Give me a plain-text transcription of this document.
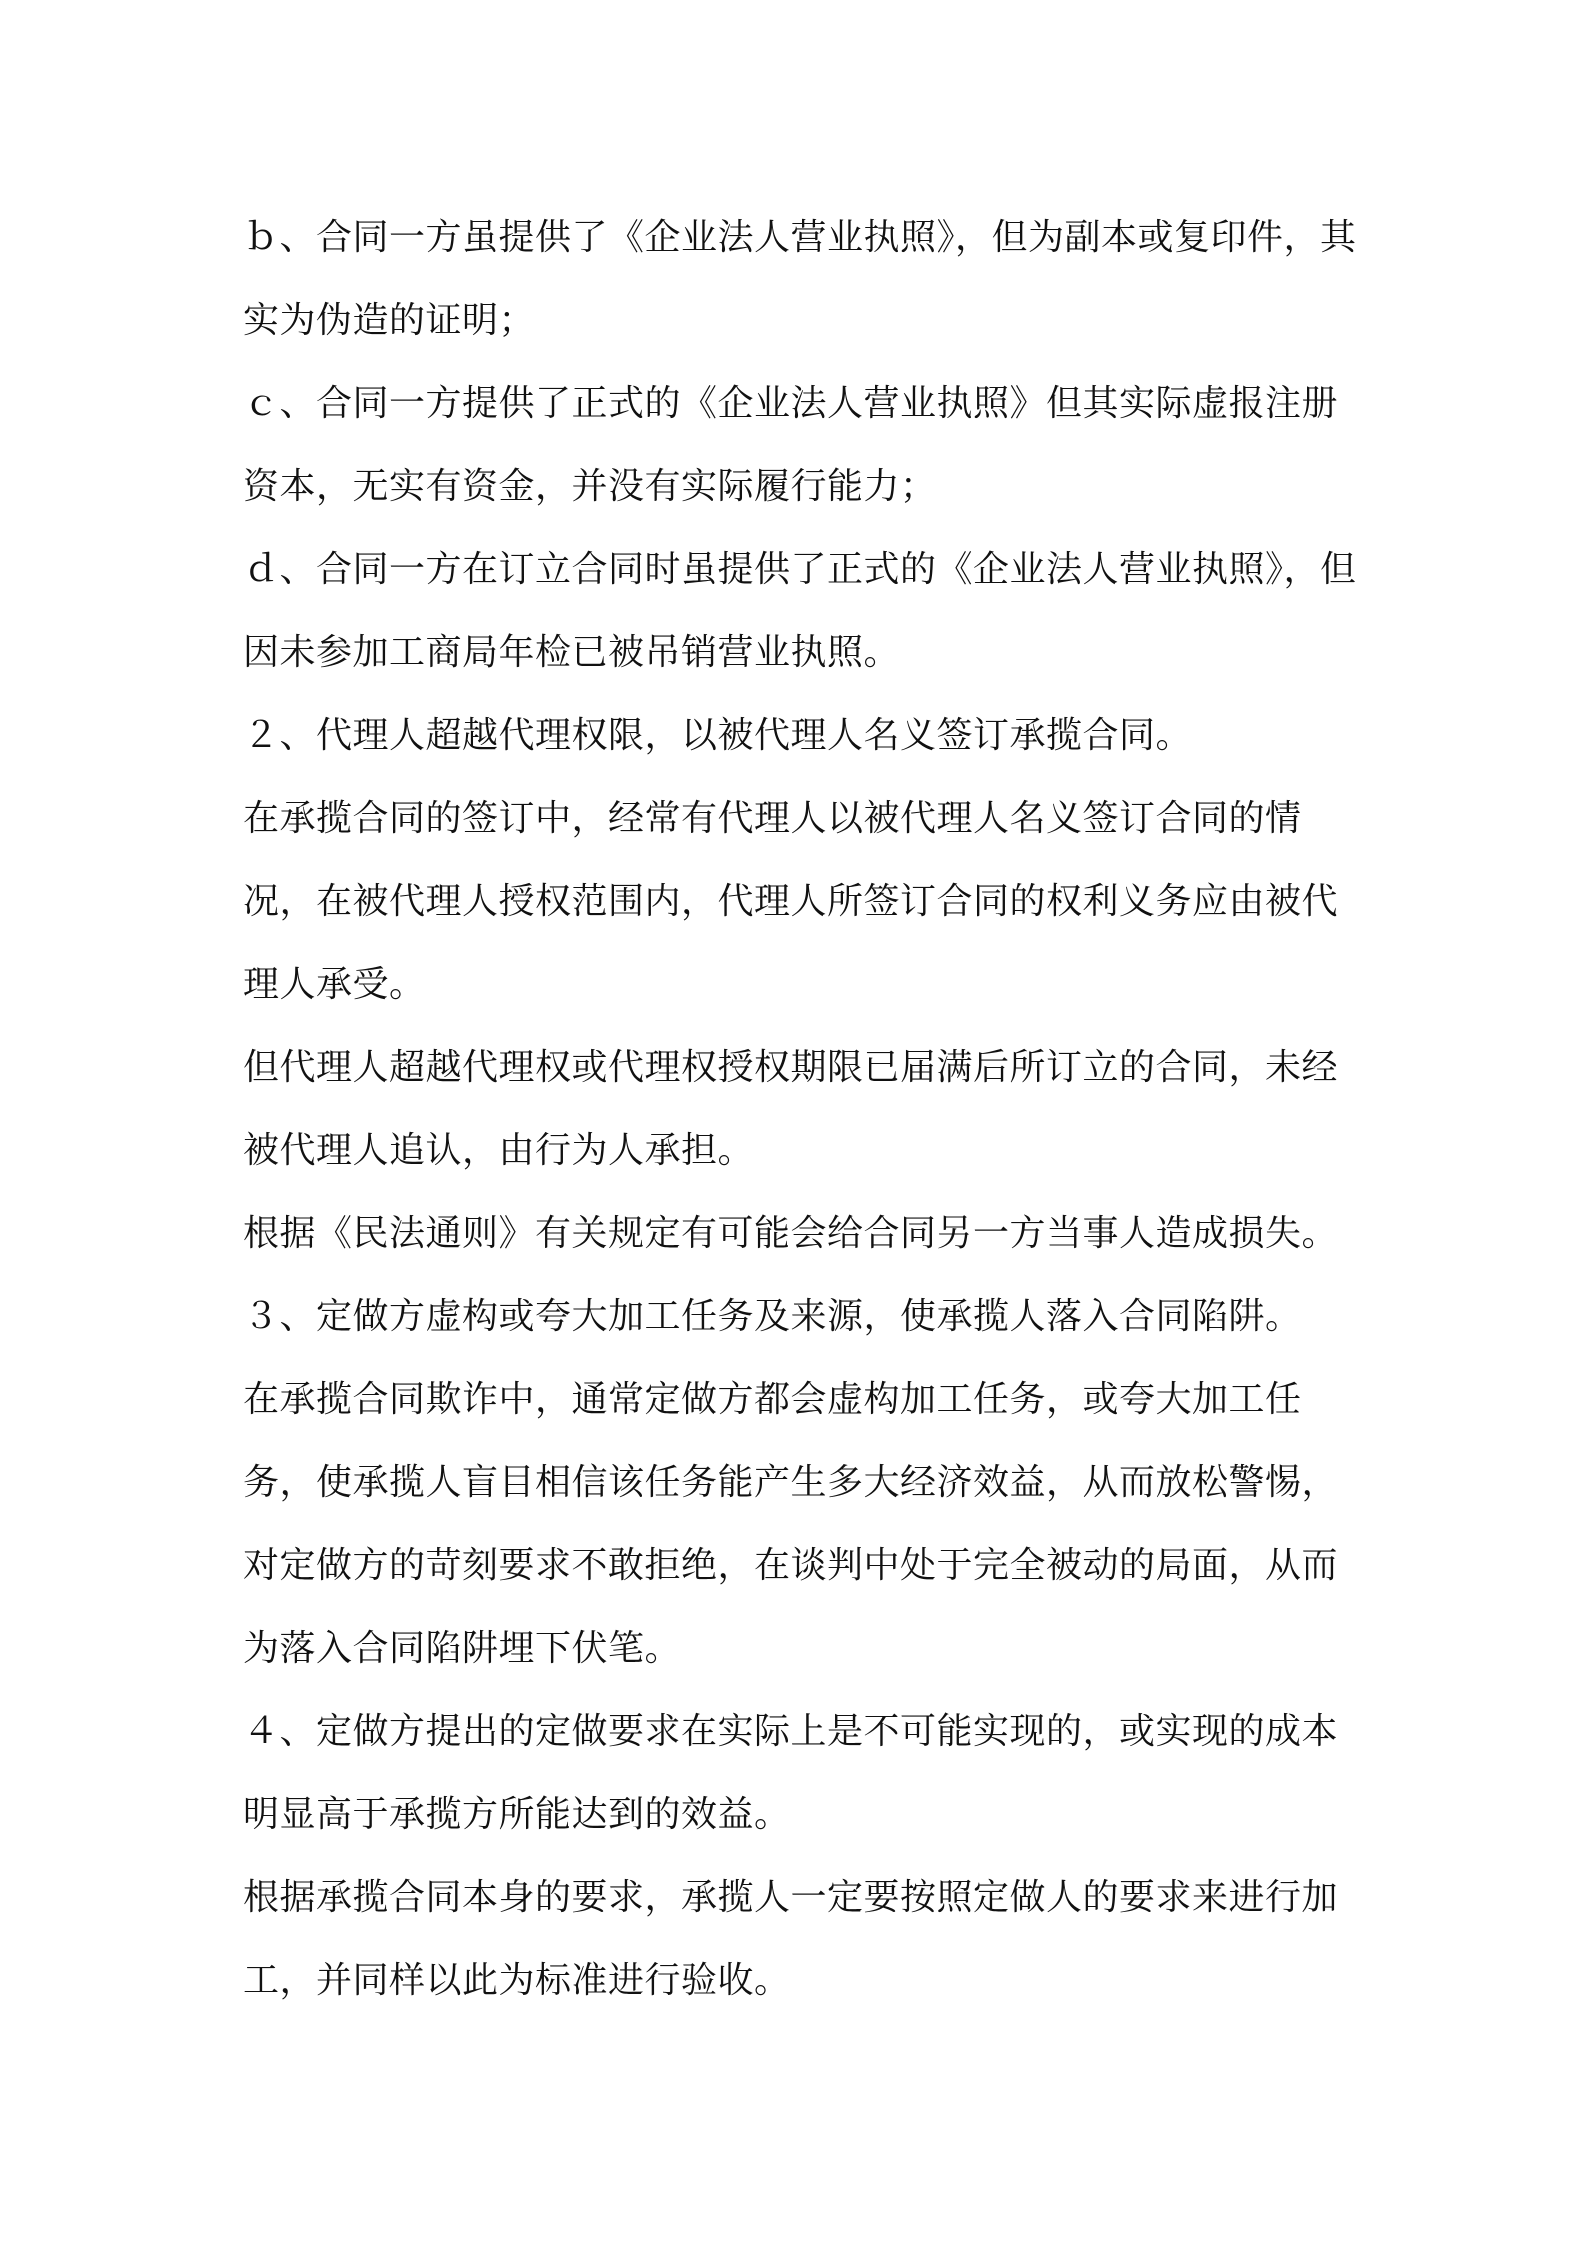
ｂ、合同一方虽提供了《企业法人营业执照》，但为副本或复印件，其实为伪造的证明；

ｃ、合同一方提供了正式的《企业法人营业执照》但其实际虚报注册资本，无实有资金，并没有实际履行能力；

ｄ、合同一方在订立合同时虽提供了正式的《企业法人营业执照》，但因未参加工商局年检已被吊销营业执照。

２、代理人超越代理权限，以被代理人名义签订承揽合同。

在承揽合同的签订中，经常有代理人以被代理人名义签订合同的情况，在被代理人授权范围内，代理人所签订合同的权利义务应由被代理人承受。

但代理人超越代理权或代理权授权期限已届满后所订立的合同，未经被代理人追认，由行为人承担。

根据《民法通则》有关规定有可能会给合同另一方当事人造成损失。

３、定做方虚构或夸大加工任务及来源，使承揽人落入合同陷阱。

在承揽合同欺诈中，通常定做方都会虚构加工任务，或夸大加工任务，使承揽人盲目相信该任务能产生多大经济效益，从而放松警惕，对定做方的苛刻要求不敢拒绝，在谈判中处于完全被动的局面，从而为落入合同陷阱埋下伏笔。

４、定做方提出的定做要求在实际上是不可能实现的，或实现的成本明显高于承揽方所能达到的效益。

根据承揽合同本身的要求，承揽人一定要按照定做人的要求来进行加工，并同样以此为标准进行验收。
